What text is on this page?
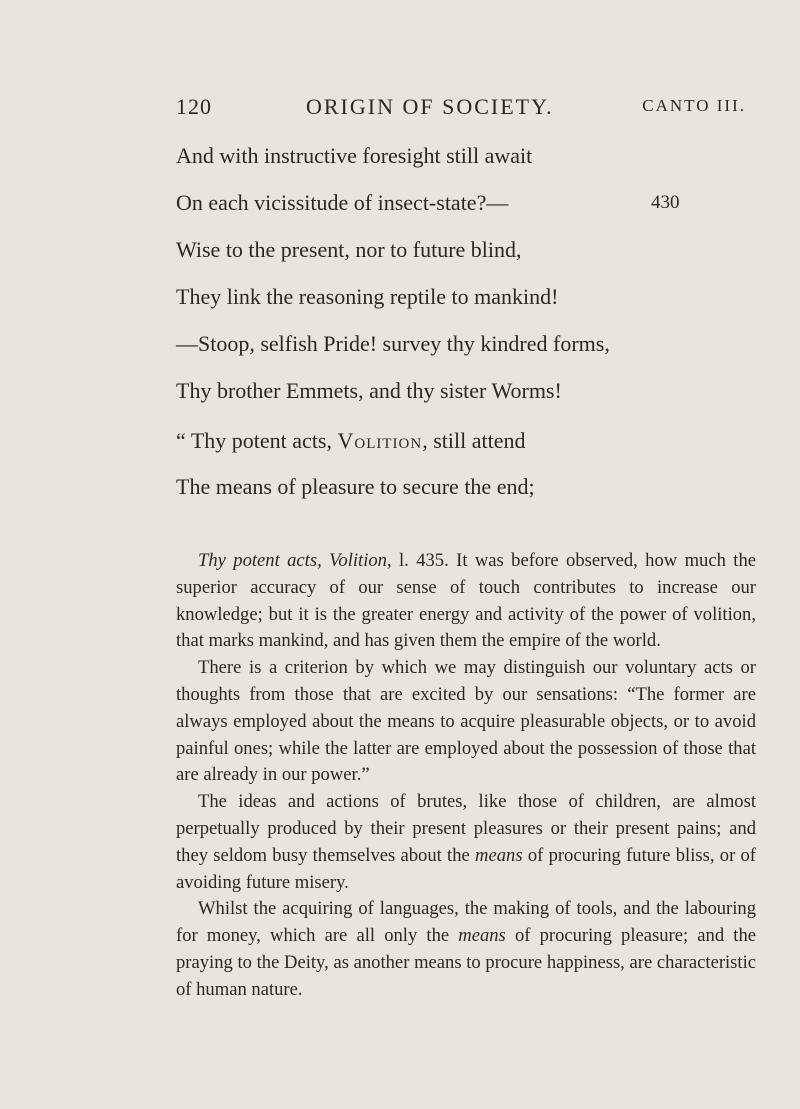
120	ORIGIN OF SOCIETY.	CANTO III.
And with instructive foresight still await
On each vicissitude of insect-state?—	430
Wise to the present, nor to future blind,
They link the reasoning reptile to mankind!
—Stoop, selfish Pride! survey thy kindred forms,
Thy brother Emmets, and thy sister Worms!
“ Thy potent acts, Volition, still attend
The means of pleasure to secure the end;

Thy potent acts, Volition, l. 435. It was before observed, how much the superior accuracy of our sense of touch contributes to increase our knowledge; but it is the greater energy and activity of the power of volition, that marks mankind, and has given them the empire of the world.

There is a criterion by which we may distinguish our voluntary acts or thoughts from those that are excited by our sensations: “The former are always employed about the means to acquire pleasurable objects, or to avoid painful ones; while the latter are employed about the possession of those that are already in our power.”

The ideas and actions of brutes, like those of children, are almost perpetually produced by their present pleasures or their present pains; and they seldom busy themselves about the means of procuring future bliss, or of avoiding future misery.

Whilst the acquiring of languages, the making of tools, and the labouring for money, which are all only the means of procuring pleasure; and the praying to the Deity, as another means to procure happiness, are characteristic of human nature.
